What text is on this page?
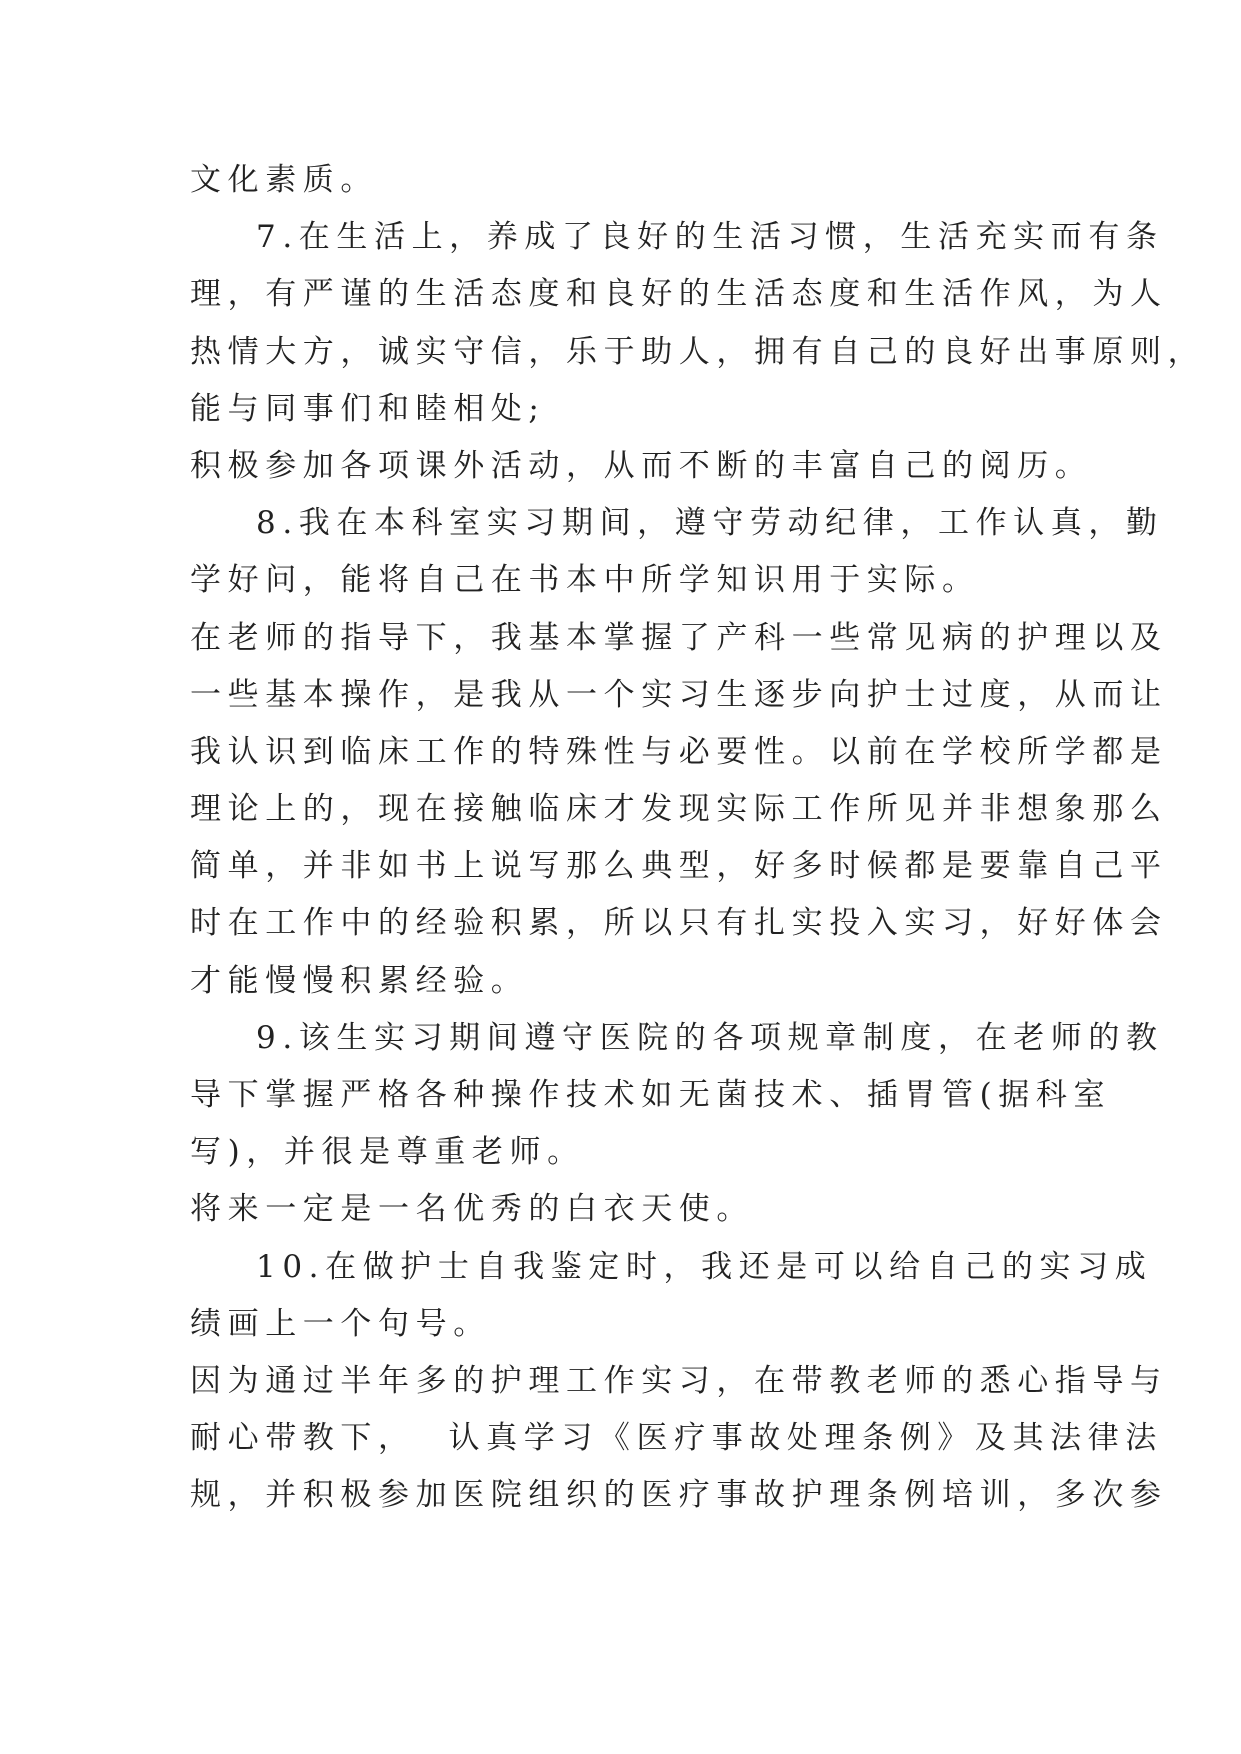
文化素质。
7.在生活上，养成了良好的生活习惯，生活充实而有条
理，有严谨的生活态度和良好的生活态度和生活作风，为人
热情大方，诚实守信，乐于助人，拥有自己的良好出事原则，
能与同事们和睦相处;
积极参加各项课外活动，从而不断的丰富自己的阅历。
8.我在本科室实习期间，遵守劳动纪律，工作认真，勤
学好问，能将自己在书本中所学知识用于实际。
在老师的指导下，我基本掌握了产科一些常见病的护理以及
一些基本操作，是我从一个实习生逐步向护士过度，从而让
我认识到临床工作的特殊性与必要性。以前在学校所学都是
理论上的，现在接触临床才发现实际工作所见并非想象那么
简单，并非如书上说写那么典型，好多时候都是要靠自己平
时在工作中的经验积累，所以只有扎实投入实习，好好体会
才能慢慢积累经验。
9.该生实习期间遵守医院的各项规章制度，在老师的教
导下掌握严格各种操作技术如无菌技术、插胃管(据科室
写)，并很是尊重老师。
将来一定是一名优秀的白衣天使。
10.在做护士自我鉴定时，我还是可以给自己的实习成
绩画上一个句号。
因为通过半年多的护理工作实习，在带教老师的悉心指导与
耐心带教下，  认真学习《医疗事故处理条例》及其法律法
规，并积极参加医院组织的医疗事故护理条例培训，多次参
